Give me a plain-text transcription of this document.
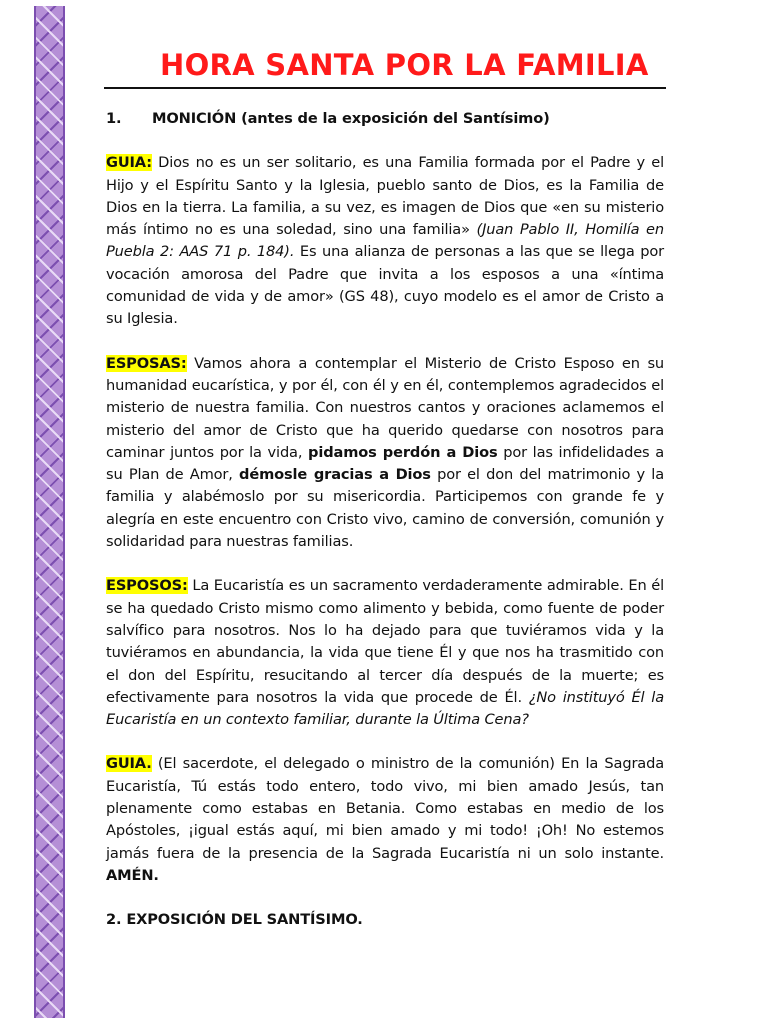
HORA SANTA POR LA FAMILIA
1.	MONICIÓN (antes de la exposición del Santísimo)

GUIA: Dios no es un ser solitario, es una Familia formada por el Padre y el Hijo y el Espíritu Santo y la Iglesia, pueblo santo de Dios, es la Familia de Dios en la tierra. La familia, a su vez, es imagen de Dios que «en su misterio más íntimo no es una soledad, sino una familia» (Juan Pablo II, Homilía en Puebla 2: AAS 71 p. 184). Es una alianza de personas a las que se llega por vocación amorosa del Padre que invita a los esposos a una «íntima comunidad de vida y de amor» (GS 48), cuyo modelo es el amor de Cristo a su Iglesia.

ESPOSAS: Vamos ahora a contemplar el Misterio de Cristo Esposo en su humanidad eucarística, y por él, con él y en él, contemplemos agradecidos el misterio de nuestra familia. Con nuestros cantos y oraciones aclamemos el misterio del amor de Cristo que ha querido quedarse con nosotros para caminar juntos por la vida, pidamos perdón a Dios por las infidelidades a su Plan de Amor, démosle gracias a Dios por el don del matrimonio y la familia y alabémoslo por su misericordia. Participemos con grande fe y alegría en este encuentro con Cristo vivo, camino de conversión, comunión y solidaridad para nuestras familias.

ESPOSOS: La Eucaristía es un sacramento verdaderamente admirable. En él se ha quedado Cristo mismo como alimento y bebida, como fuente de poder salvífico para nosotros. Nos lo ha dejado para que tuviéramos vida y la tuviéramos en abundancia, la vida que tiene Él y que nos ha trasmitido con el don del Espíritu, resucitando al tercer día después de la muerte; es efectivamente para nosotros la vida que procede de Él. ¿No instituyó Él la Eucaristía en un contexto familiar, durante la Última Cena?

GUIA. (El sacerdote, el delegado o ministro de la comunión) En la Sagrada Eucaristía, Tú estás todo entero, todo vivo, mi bien amado Jesús, tan plenamente como estabas en Betania. Como estabas en medio de los Apóstoles, ¡igual estás aquí, mi bien amado y mi todo! ¡Oh! No estemos jamás fuera de la presencia de la Sagrada Eucaristía ni un solo instante. AMÉN.

2. EXPOSICIÓN DEL SANTÍSIMO.
